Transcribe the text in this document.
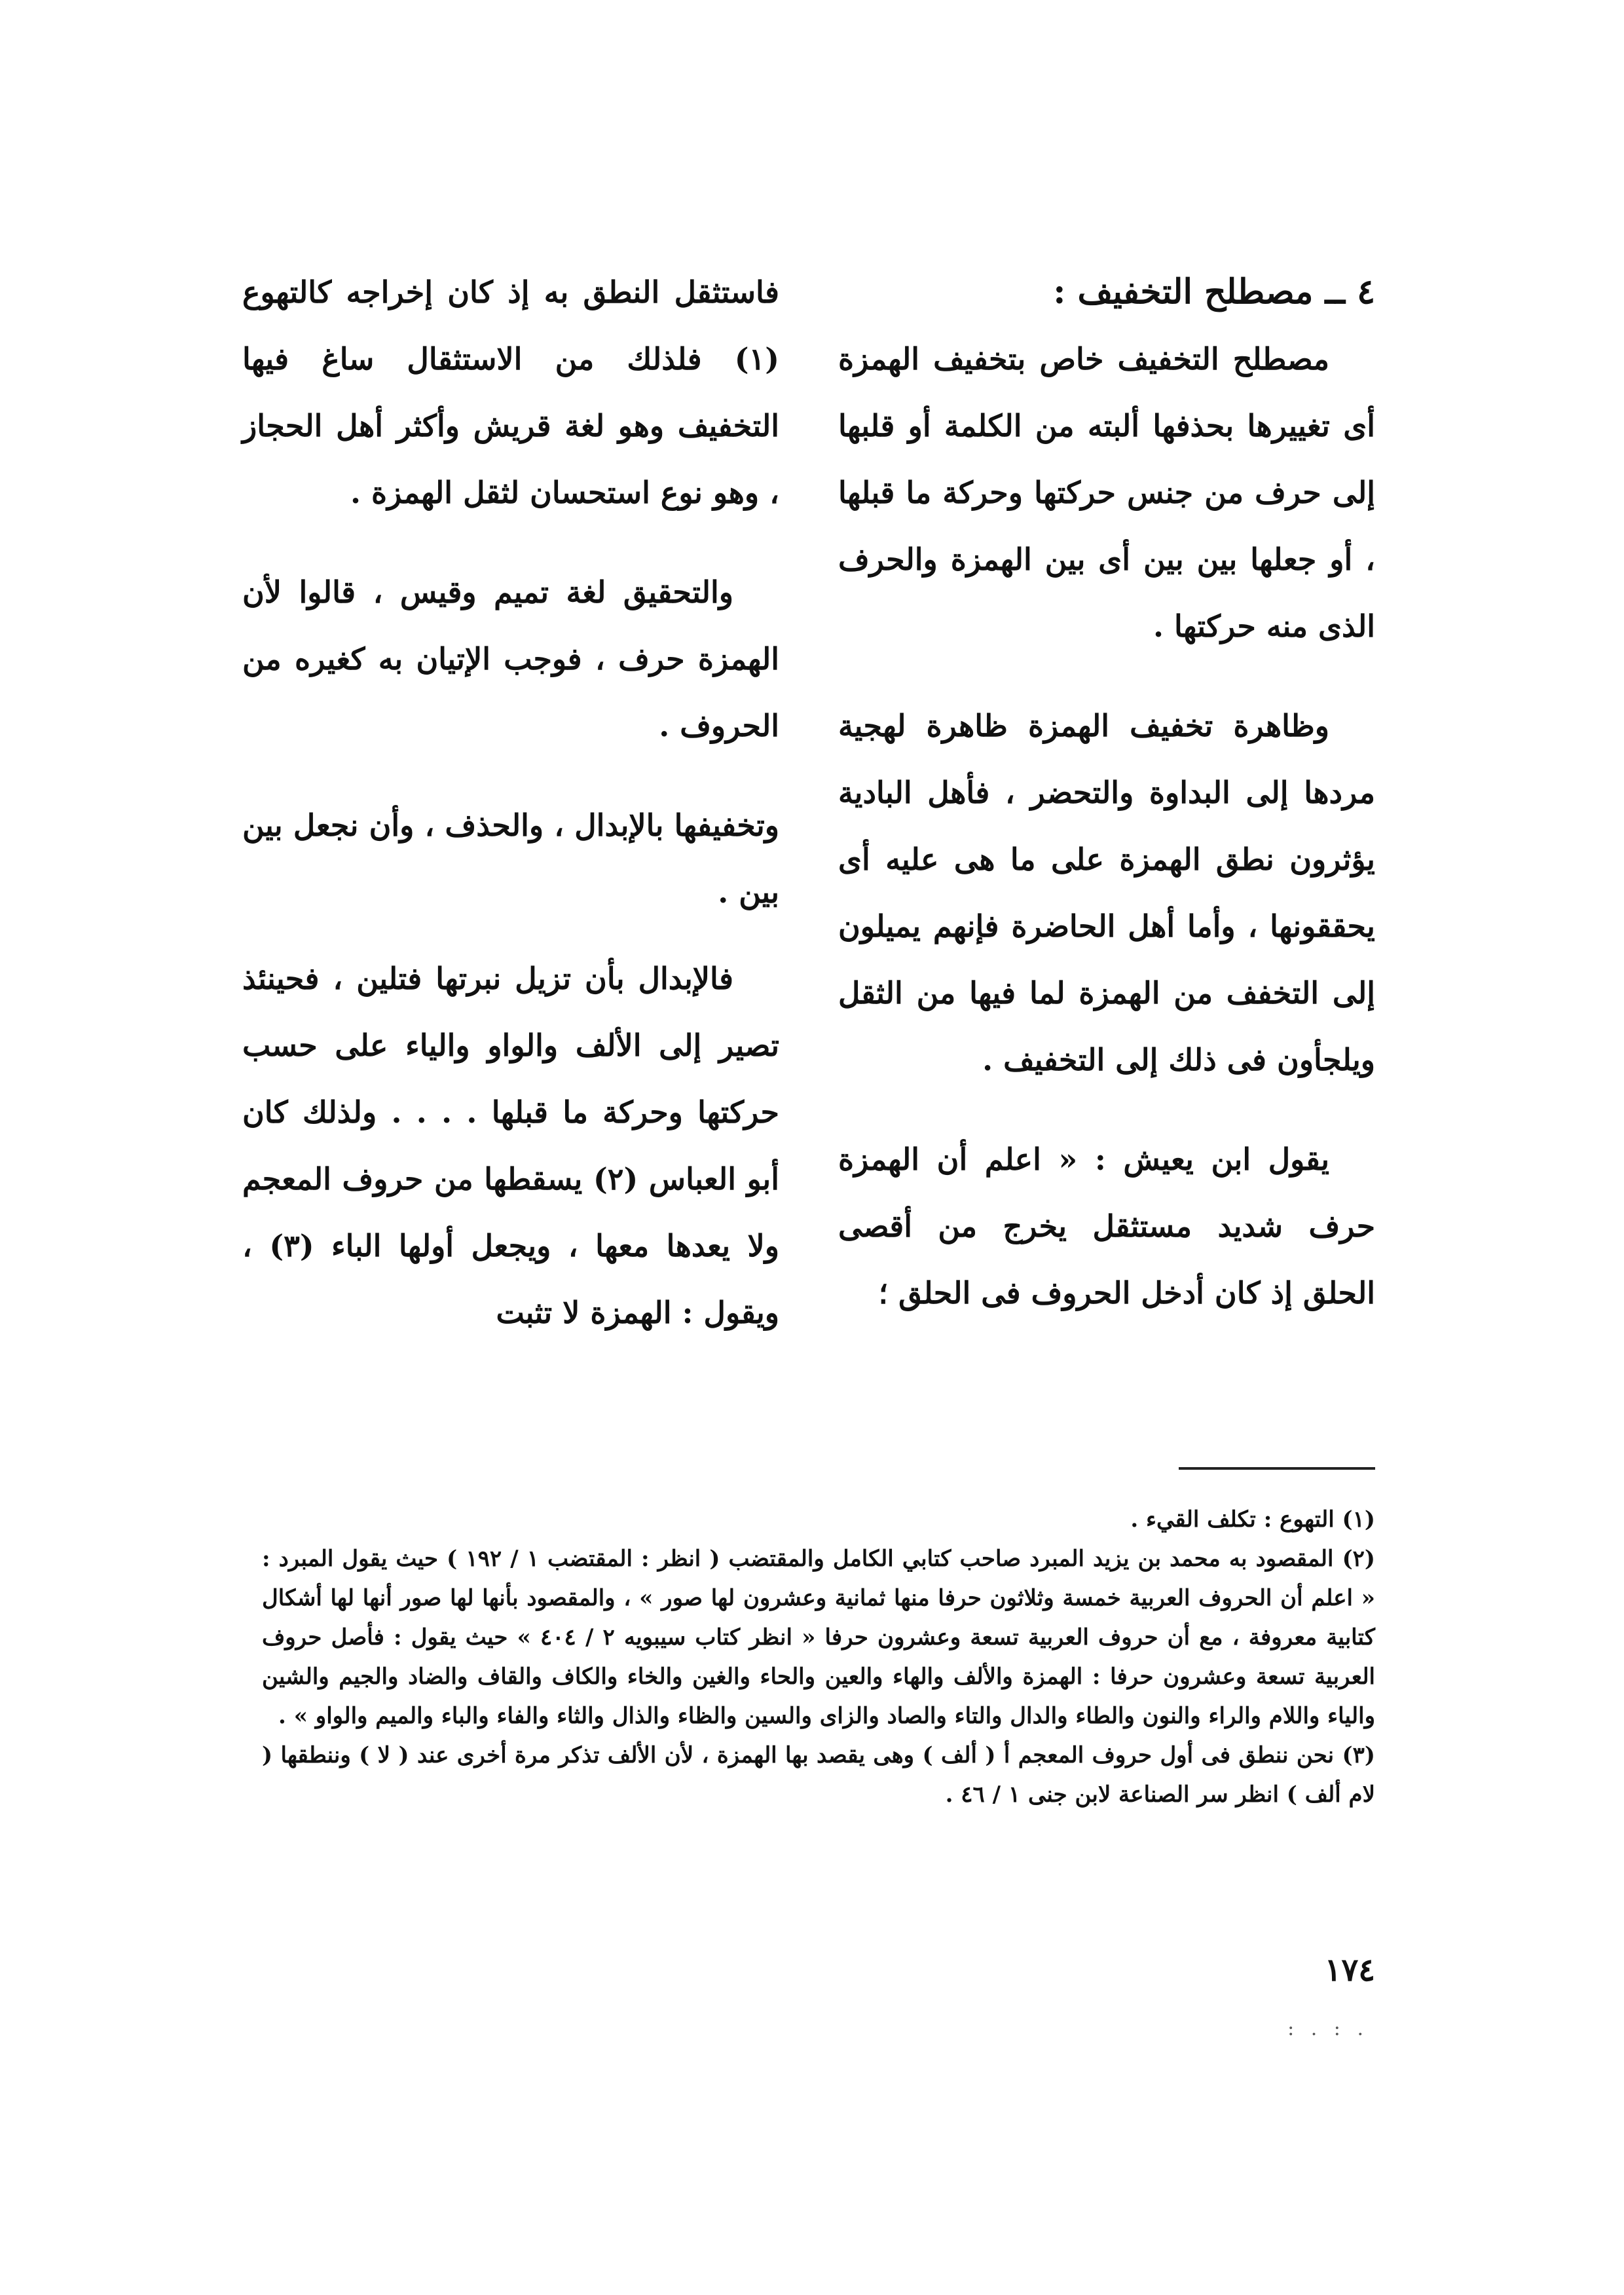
٤ ــ مصطلح التخفيف :

مصطلح التخفيف خاص بتخفيف الهمزة أى تغييرها بحذفها ألبته من الكلمة أو قلبها إلى حرف من جنس حركتها وحركة ما قبلها ، أو جعلها بين بين أى بين الهمزة والحرف الذى منه حركتها .

وظاهرة تخفيف الهمزة ظاهرة لهجية مردها إلى البداوة والتحضر ، فأهل البادية يؤثرون نطق الهمزة على ما هى عليه أى يحققونها ، وأما أهل الحاضرة فإنهم يميلون إلى التخفف من الهمزة لما فيها من الثقل ويلجأون فى ذلك إلى التخفيف .

يقول ابن يعيش : « اعلم أن الهمزة حرف شديد مستثقل يخرج من أقصى الحلق إذ كان أدخل الحروف فى الحلق ؛

فاستثقل النطق به إذ كان إخراجه كالتهوع (١) فلذلك من الاستثقال ساغ فيها التخفيف وهو لغة قريش وأكثر أهل الحجاز ، وهو نوع استحسان لثقل الهمزة .

والتحقيق لغة تميم وقيس ، قالوا لأن الهمزة حرف ، فوجب الإتيان به كغيره من الحروف .

وتخفيفها بالإبدال ، والحذف ، وأن نجعل بين بين .

فالإبدال بأن تزيل نبرتها فتلين ، فحينئذ تصير إلى الألف والواو والياء على حسب حركتها وحركة ما قبلها . . . . ولذلك كان أبو العباس (٢) يسقطها من حروف المعجم ولا يعدها معها ، ويجعل أولها الباء (٣) ، ويقول : الهمزة لا تثبت

(١) التهوع : تكلف القيء .

(٢) المقصود به محمد بن يزيد المبرد صاحب كتابي الكامل والمقتضب ( انظر : المقتضب ١ / ١٩٢ ) حيث يقول المبرد : « اعلم أن الحروف العربية خمسة وثلاثون حرفا منها ثمانية وعشرون لها صور » ، والمقصود بأنها لها صور أنها لها أشكال كتابية معروفة ، مع أن حروف العربية تسعة وعشرون حرفا « انظر كتاب سيبويه ٢ / ٤٠٤ » حيث يقول : فأصل حروف العربية تسعة وعشرون حرفا : الهمزة والألف والهاء والعين والحاء والغين والخاء والكاف والقاف والضاد والجيم والشين والياء واللام والراء والنون والطاء والدال والتاء والصاد والزاى والسين والظاء والذال والثاء والفاء والباء والميم والواو » .

(٣) نحن ننطق فى أول حروف المعجم أ ( ألف ) وهى يقصد بها الهمزة ، لأن الألف تذكر مرة أخرى عند ( لا ) وننطقها ( لام ألف ) انظر سر الصناعة لابن جنى ١ / ٤٦ .

١٧٤
. : . :
